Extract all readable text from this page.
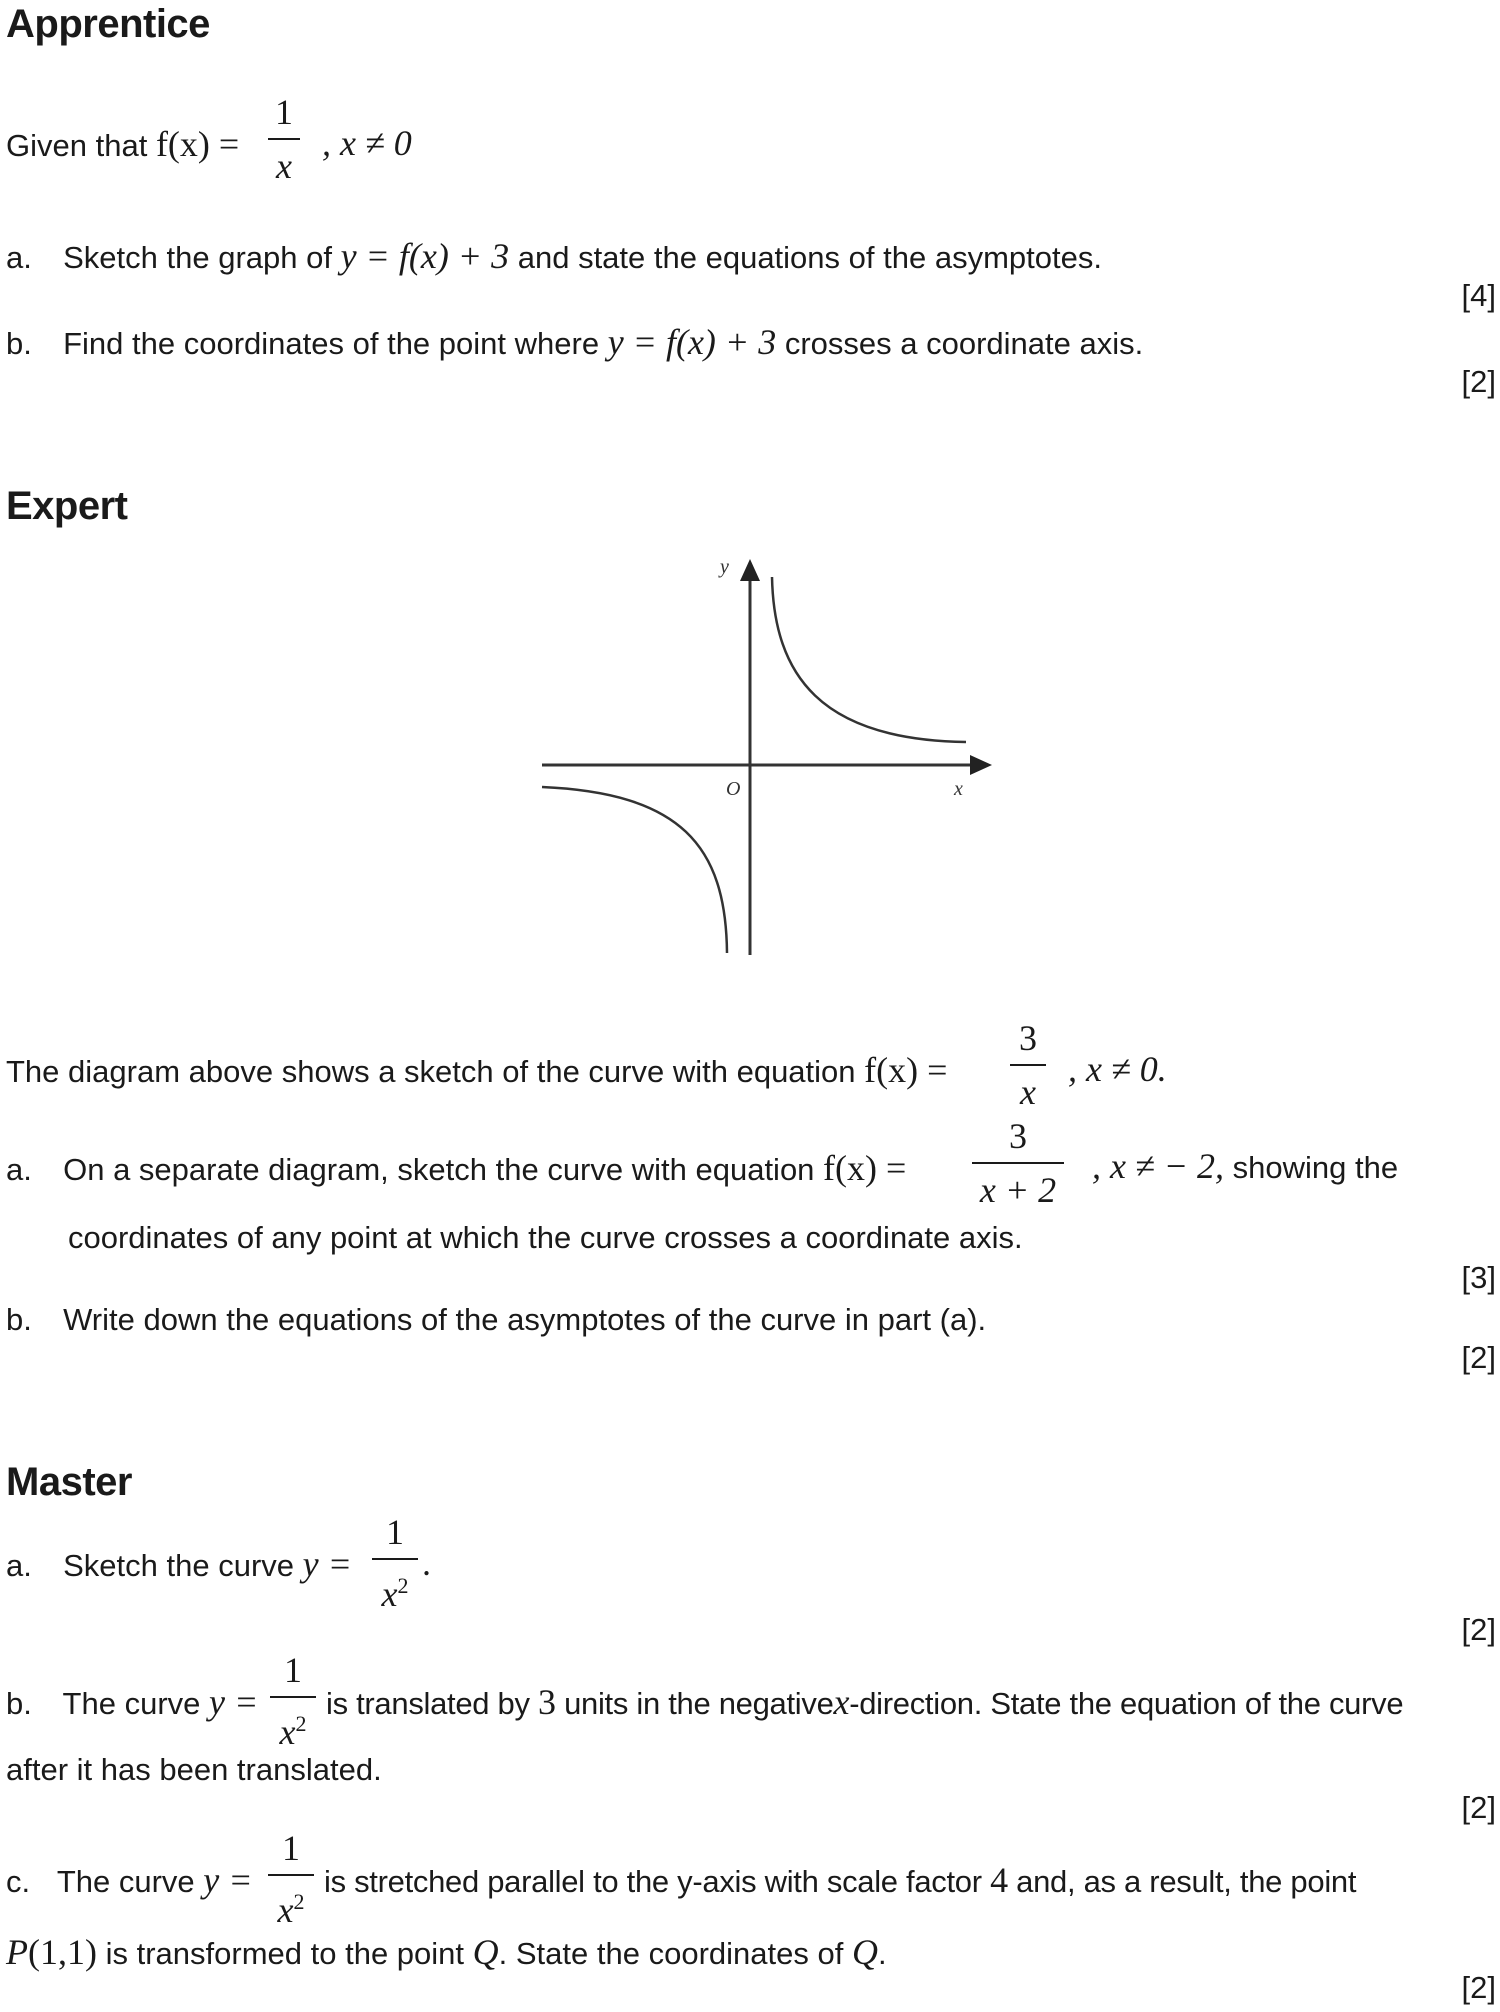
Apprentice
Given that f(x) =
1
x
, x ≠ 0
a. Sketch the graph of y = f(x) + 3 and state the equations of the asymptotes.
[4]
b. Find the coordinates of the point where y = f(x) + 3 crosses a coordinate axis.
[2]
Expert
y
x
O
The diagram above shows a sketch of the curve with equation f(x) =
3
x
, x ≠ 0.
a. On a separate diagram, sketch the curve with equation f(x) =
3
x + 2
, x ≠ − 2, showing the
coordinates of any point at which the curve crosses a coordinate axis.
[3]
b. Write down the equations of the asymptotes of the curve in part (a).
[2]
Master
a. Sketch the curve y =
1
$x^2$
.
[2]
b. The curve y =
1
$x^2$
is translated by 3 units in the negativex-direction. State the equation of the curve
after it has been translated.
[2]
c. The curve y =
1
$x^2$
is stretched parallel to the y-axis with scale factor 4 and, as a result, the point
P(1,1) is transformed to the point Q. State the coordinates of Q.
[2]
